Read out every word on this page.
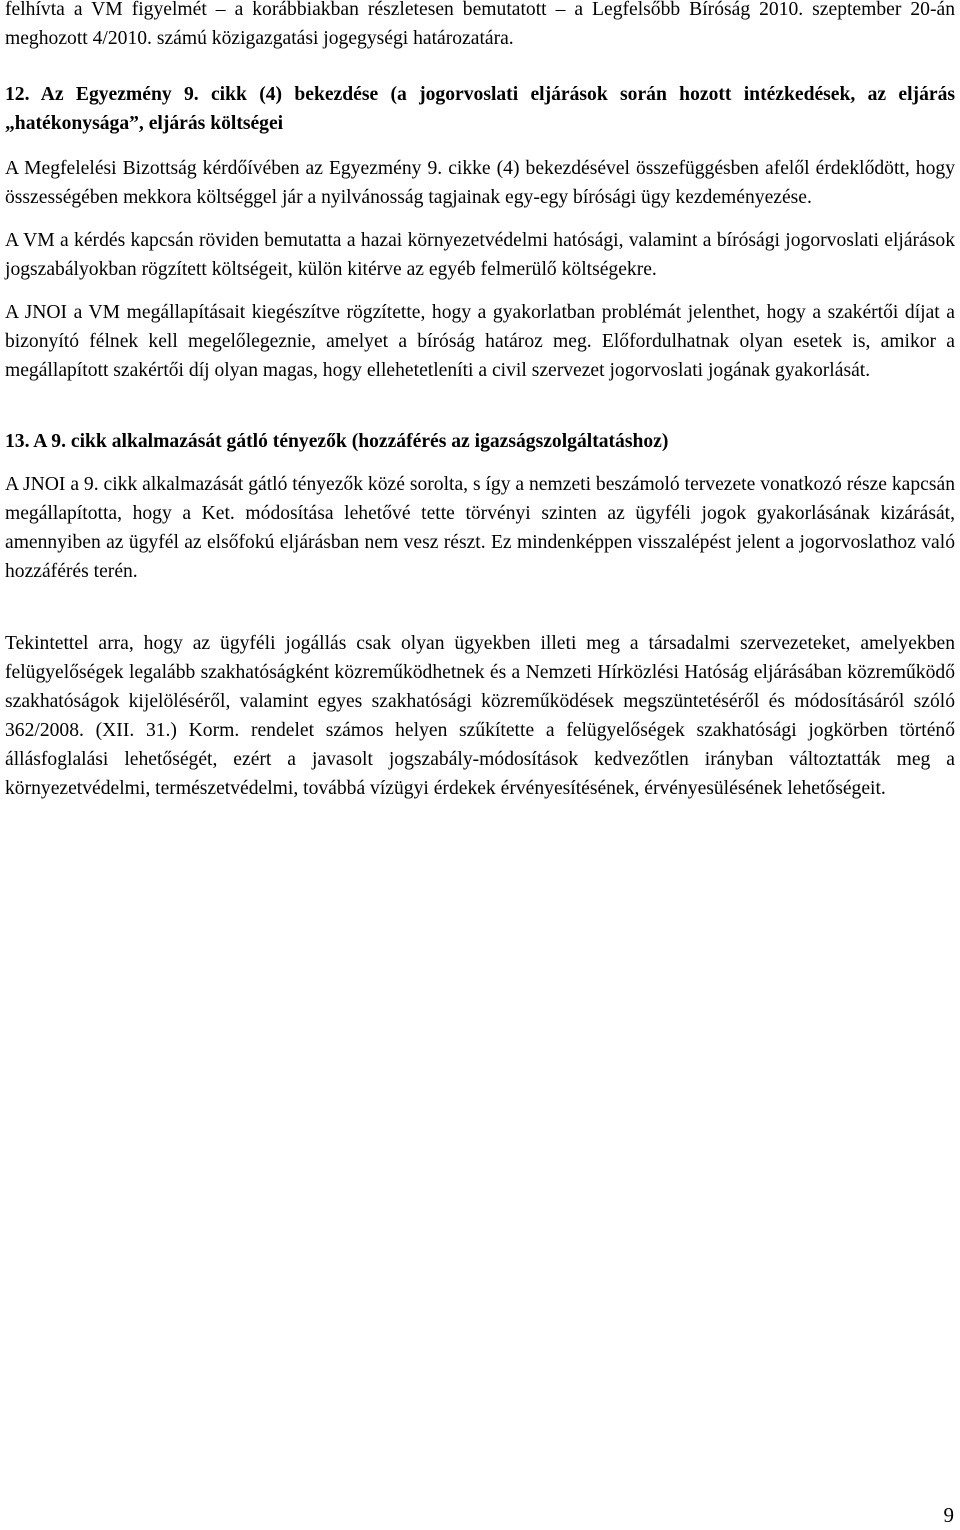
felhívta a VM figyelmét – a korábbiakban részletesen bemutatott – a Legfelsőbb Bíróság 2010. szeptember 20-án meghozott 4/2010. számú közigazgatási jogegységi határozatára.

12. Az Egyezmény 9. cikk (4) bekezdése (a jogorvoslati eljárások során hozott intézkedések, az eljárás „hatékonysága”, eljárás költségei

A Megfelelési Bizottság kérdőívében az Egyezmény 9. cikke (4) bekezdésével összefüggésben afelől érdeklődött, hogy összességében mekkora költséggel jár a nyilvánosság tagjainak egy-egy bírósági ügy kezdeményezése.

A VM a kérdés kapcsán röviden bemutatta a hazai környezetvédelmi hatósági, valamint a bírósági jogorvoslati eljárások jogszabályokban rögzített költségeit, külön kitérve az egyéb felmerülő költségekre.

A JNOI a VM megállapításait kiegészítve rögzítette, hogy a gyakorlatban problémát jelenthet, hogy a szakértői díjat a bizonyító félnek kell megelőlegeznie, amelyet a bíróság határoz meg. Előfordulhatnak olyan esetek is, amikor a megállapított szakértői díj olyan magas, hogy ellehetetleníti a civil szervezet jogorvoslati jogának gyakorlását.

13. A 9. cikk alkalmazását gátló tényezők (hozzáférés az igazságszolgáltatáshoz)

A JNOI a 9. cikk alkalmazását gátló tényezők közé sorolta, s így a nemzeti beszámoló tervezete vonatkozó része kapcsán megállapította, hogy a Ket. módosítása lehetővé tette törvényi szinten az ügyféli jogok gyakorlásának kizárását, amennyiben az ügyfél az elsőfokú eljárásban nem vesz részt. Ez mindenképpen visszalépést jelent a jogorvoslathoz való hozzáférés terén.

Tekintettel arra, hogy az ügyféli jogállás csak olyan ügyekben illeti meg a társadalmi szervezeteket, amelyekben felügyelőségek legalább szakhatóságként közreműködhetnek és a Nemzeti Hírközlési Hatóság eljárásában közreműködő szakhatóságok kijelöléséről, valamint egyes szakhatósági közreműködések megszüntetéséről és módosításáról szóló 362/2008. (XII. 31.) Korm. rendelet számos helyen szűkítette a felügyelőségek szakhatósági jogkörben történő állásfoglalási lehetőségét, ezért a javasolt jogszabály-módosítások kedvezőtlen irányban változtatták meg a környezetvédelmi, természetvédelmi, továbbá vízügyi érdekek érvényesítésének, érvényesülésének lehetőségeit.

9
